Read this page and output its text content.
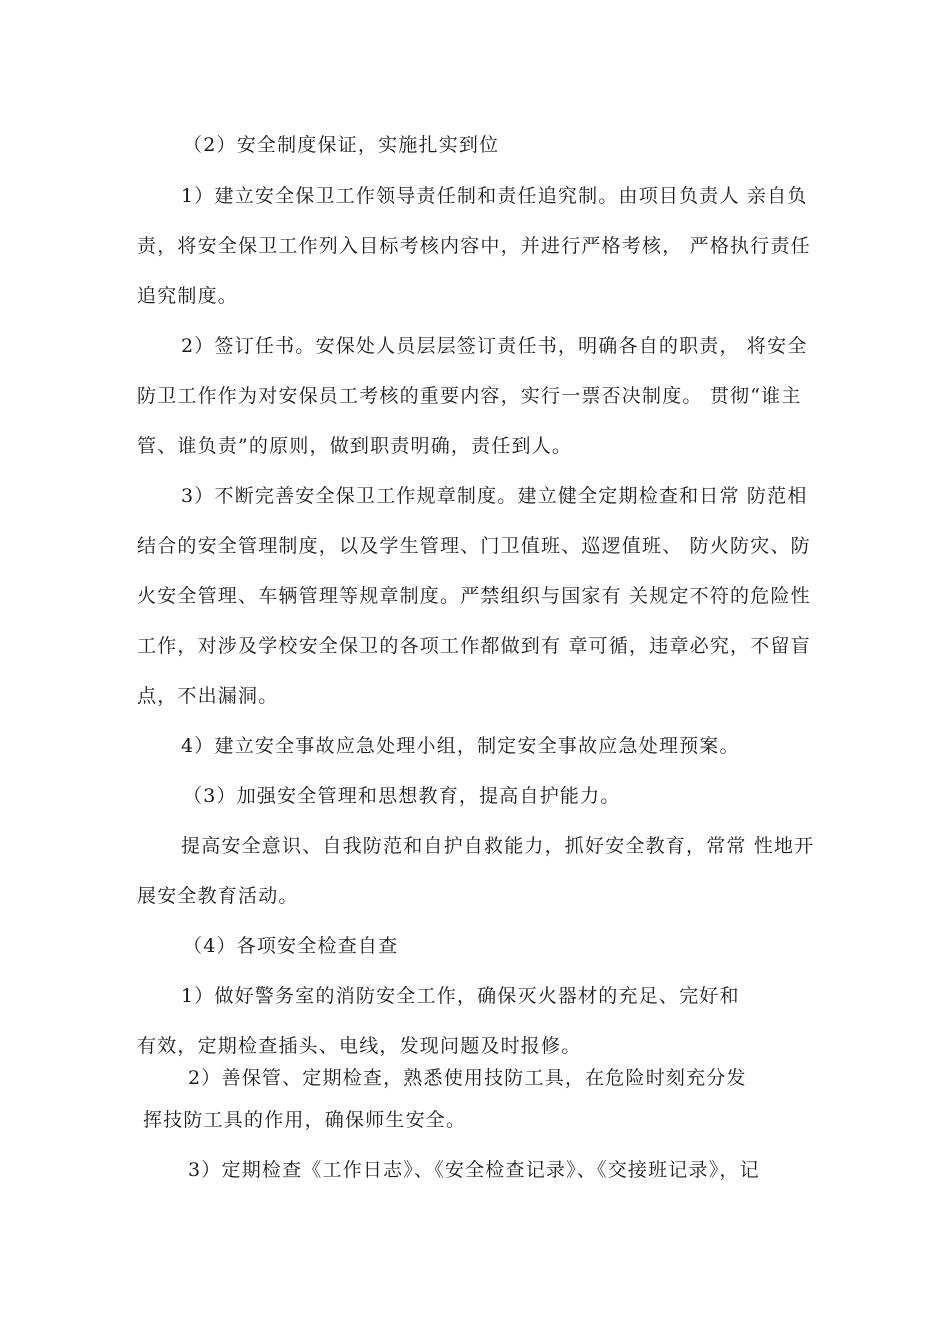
（2）安全制度保证，实施扎实到位
1）建立安全保卫工作领导责任制和责任追究制。由项目负责人 亲自负
责，将安全保卫工作列入目标考核内容中，并进行严格考核， 严格执行责任
追究制度。
2）签订任书。安保处人员层层签订责任书，明确各自的职责， 将安全
防卫工作作为对安保员工考核的重要内容，实行一票否决制度。 贯彻“谁主
管、谁负责”的原则，做到职责明确，责任到人。
3）不断完善安全保卫工作规章制度。建立健全定期检查和日常 防范相
结合的安全管理制度，以及学生管理、门卫值班、巡逻值班、 防火防灾、防
火安全管理、车辆管理等规章制度。严禁组织与国家有 关规定不符的危险性
工作，对涉及学校安全保卫的各项工作都做到有 章可循，违章必究，不留盲
点，不出漏洞。
4）建立安全事故应急处理小组，制定安全事故应急处理预案。
（3）加强安全管理和思想教育，提高自护能力。
提高安全意识、自我防范和自护自救能力，抓好安全教育，常常 性地开
展安全教育活动。
（4）各项安全检查自查
1）做好警务室的消防安全工作，确保灭火器材的充足、完好和
有效，定期检查插头、电线，发现问题及时报修。
2）善保管、定期检查，熟悉使用技防工具，在危险时刻充分发
挥技防工具的作用，确保师生安全。
3）定期检查《工作日志》、《安全检查记录》、《交接班记录》，记
